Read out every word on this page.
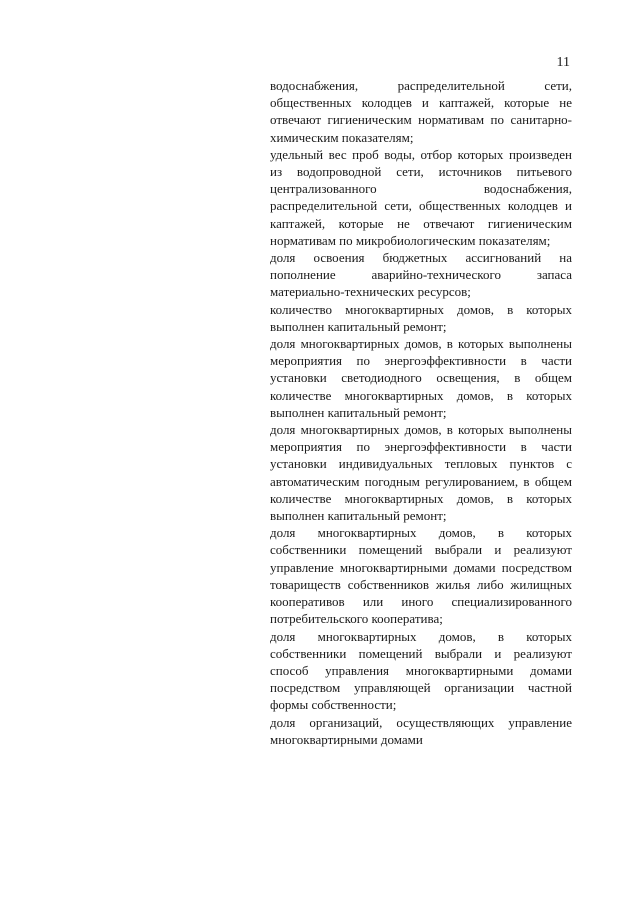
11

водоснабжения, распределительной сети, общественных колодцев и каптажей, которые не отвечают гигиеническим нормативам по санитарно-химическим показателям;

удельный вес проб воды, отбор которых произведен из водопроводной сети, источников питьевого централизованного водоснабжения, распределительной сети, общественных колодцев и каптажей, которые не отвечают гигиеническим нормативам по микробиологическим показателям;

доля освоения бюджетных ассигнований на пополнение аварийно-технического запаса материально-технических ресурсов;

количество многоквартирных домов, в которых выполнен капитальный ремонт;

доля многоквартирных домов, в которых выполнены мероприятия по энергоэффективности в части установки светодиодного освещения, в общем количестве многоквартирных домов, в которых выполнен капитальный ремонт;

доля многоквартирных домов, в которых выполнены мероприятия по энергоэффективности в части установки индивидуальных тепловых пунктов с автоматическим погодным регулированием, в общем количестве многоквартирных домов, в которых выполнен капитальный ремонт;

доля многоквартирных домов, в которых собственники помещений выбрали и реализуют управление многоквартирными домами посредством товариществ собственников жилья либо жилищных кооперативов или иного специализированного потребительского кооператива;

доля многоквартирных домов, в которых собственники помещений выбрали и реализуют способ управления многоквартирными домами посредством управляющей организации частной формы собственности;

доля организаций, осуществляющих управление многоквартирными домами
